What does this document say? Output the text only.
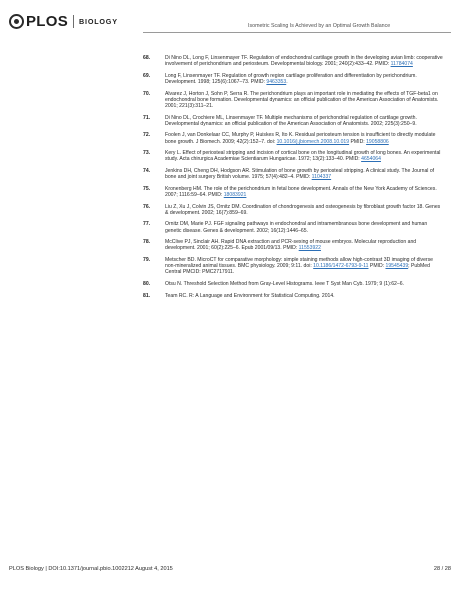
PLOS BIOLOGY
Isometric Scaling Is Achieved by an Optimal Growth Balance
68.	Di Nino DL, Long F, Linsenmayer TF. Regulation of endochondral cartilage growth in the developing avian limb: cooperative involvement of perichondrium and periosteum. Developmental biology. 2001; 240(2):433–42. PMID: 11784074
69.	Long F, Linsenmayer TF. Regulation of growth region cartilage proliferation and differentiation by perichondrium. Development. 1998; 125(6):1067–73. PMID: 9463353.
70.	Alvarez J, Horton J, Sohn P, Serra R. The perichondrium plays an important role in mediating the effects of TGF-beta1 on endochondral bone formation. Developmental dynamics: an official publication of the American Association of Anatomists. 2001; 221(3):311–21.
71.	Di Nino DL, Crochiere ML, Linsenmayer TF. Multiple mechanisms of perichondrial regulation of cartilage growth. Developmental dynamics: an official publication of the American Association of Anatomists. 2002; 225(3):250–9.
72.	Foolen J, van Donkelaar CC, Murphy P, Huiskes R, Ito K. Residual periosteum tension is insufficient to directly modulate bone growth. J Biomech. 2009; 42(2):152–7. doi: 10.1016/j.jbiomech.2008.10.019 PMID: 19058806
73.	Kery L. Effect of periosteal stripping and incision of cortical bone on the longitudinal growth of long bones. An experimental study. Acta chirurgica Academiae Scientiarum Hungaricae. 1972; 13(2):133–40. PMID: 4654064
74.	Jenkins DH, Cheng DH, Hodgson AR. Stimulation of bone growth by periosteal stripping. A clinical study. The Journal of bone and joint surgery British volume. 1975; 57(4):482–4. PMID: 1104337
75.	Kronenberg HM. The role of the perichondrium in fetal bone development. Annals of the New York Academy of Sciences. 2007; 1116:59–64. PMID: 18083921
76.	Liu Z, Xu J, Colvin JS, Ornitz DM. Coordination of chondrogenesis and osteogenesis by fibroblast growth factor 18. Genes & development. 2002; 16(7):859–69.
77.	Ornitz DM, Marie PJ. FGF signaling pathways in endochondral and intramembranous bone development and human genetic disease. Genes & development. 2002; 16(12):1446–65.
78.	McClive PJ, Sinclair AH. Rapid DNA extraction and PCR-sexing of mouse embryos. Molecular reproduction and development. 2001; 60(2):225–6. Epub 2001/09/13. PMID: 11553922
79.	Metscher BD. MicroCT for comparative morphology: simple staining methods allow high-contrast 3D imaging of diverse non-mineralized animal tissues. BMC physiology. 2009; 9:11. doi: 10.1186/1472-6793-9-11 PMID: 19545439; PubMed Central PMCID: PMC2717911.
80.	Otsu N. Threshold Selection Method from Gray-Level Histograms. Ieee T Syst Man Cyb. 1979; 9 (1):62–6.
81.	Team RC. R: A Language and Environment for Statistical Computing. 2014.
PLOS Biology | DOI:10.1371/journal.pbio.1002212 August 4, 2015	28 / 28
